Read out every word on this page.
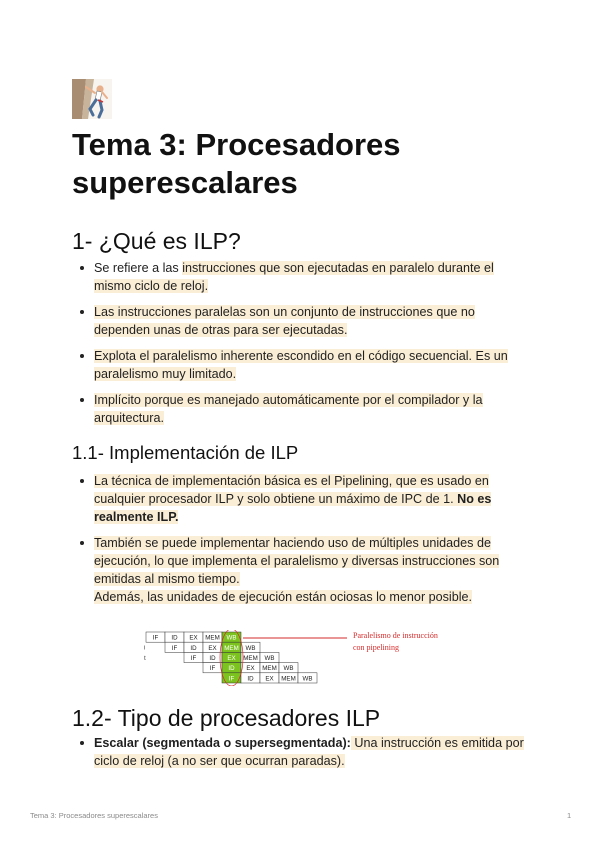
Tema 3: Procesadores superescalares
1- ¿Qué es ILP?
Se refiere a las instrucciones que son ejecutadas en paralelo durante el
mismo ciclo de reloj.
Las instrucciones paralelas son un conjunto de instrucciones que no
dependen unas de otras para ser ejecutadas.
Explota el paralelismo inherente escondido en el código secuencial. Es un
paralelismo muy limitado.
Implícito porque es manejado automáticamente por el compilador y la
arquitectura.
1.1- Implementación de ILP
La técnica de implementación básica es el Pipelining, que es usado en
cualquier procesador ILP y solo obtiene un máximo de IPC de 1. No es
realmente ILP.
También se puede implementar haciendo uso de múltiples unidades de
ejecución, lo que implementa el paralelismo y diversas instrucciones son
emitidas al mismo tiempo.
Además, las unidades de ejecución están ociosas lo menor posible.
IF ID EX MEM WB
i	IF ID EX MEM WB
t	IF ID EX MEM WB
IF ID EX MEM WB
IF ID EX MEM WB
Paralelismo de instrucción
con pipelining
1.2- Tipo de procesadores ILP
Escalar (segmentada o supersegmentada): Una instrucción es emitida por
ciclo de reloj (a no ser que ocurran paradas).
Tema 3: Procesadores superescalares	1
